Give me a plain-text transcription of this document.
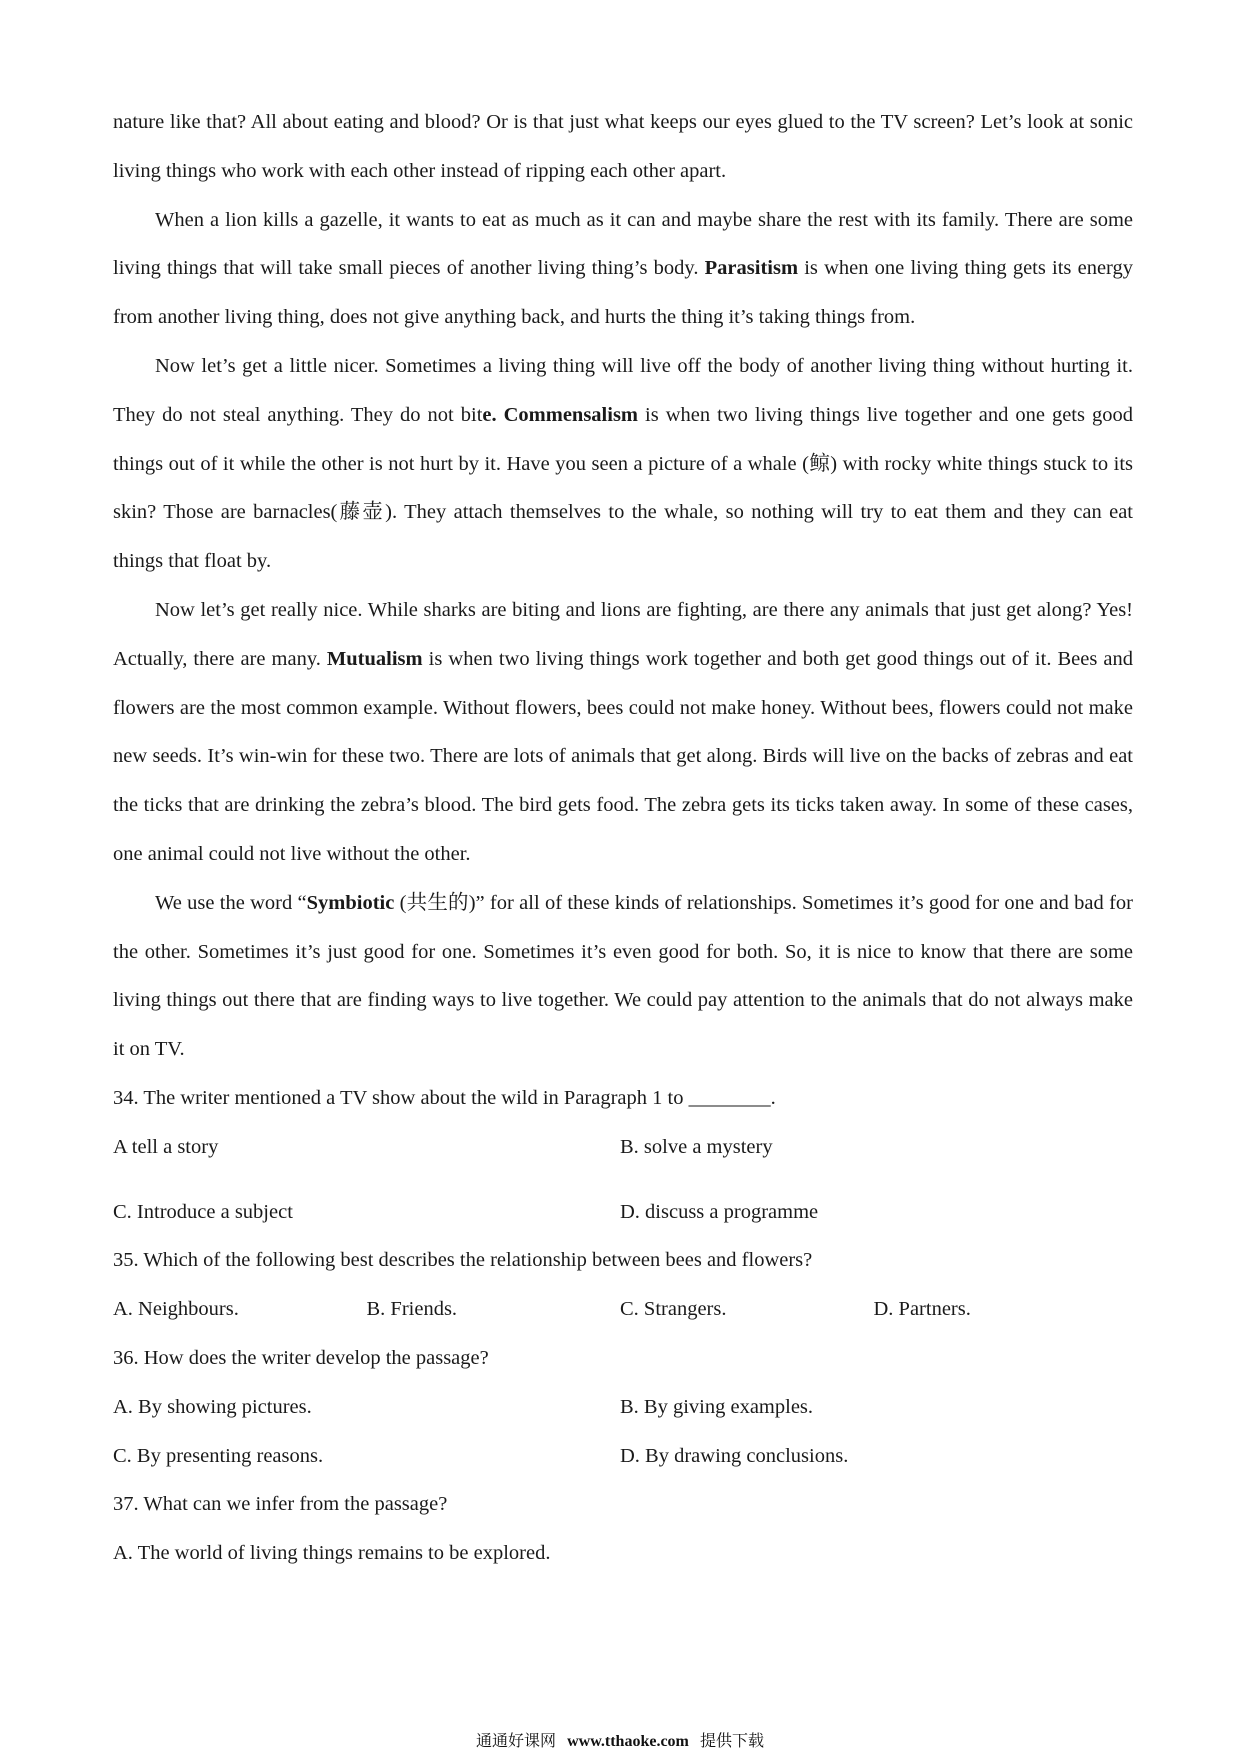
nature like that? All about eating and blood? Or is that just what keeps our eyes glued to the TV screen? Let’s look at sonic living things who work with each other instead of ripping each other apart.

When a lion kills a gazelle, it wants to eat as much as it can and maybe share the rest with its family. There are some living things that will take small pieces of another living thing’s body. Parasitism is when one living thing gets its energy from another living thing, does not give anything back, and hurts the thing it’s taking things from.

Now let’s get a little nicer. Sometimes a living thing will live off the body of another living thing without hurting it. They do not steal anything. They do not bite. Commensalism is when two living things live together and one gets good things out of it while the other is not hurt by it. Have you seen a picture of a whale (鲸) with rocky white things stuck to its skin? Those are barnacles(藤壶). They attach themselves to the whale, so nothing will try to eat them and they can eat things that float by.

Now let’s get really nice. While sharks are biting and lions are fighting, are there any animals that just get along? Yes! Actually, there are many. Mutualism is when two living things work together and both get good things out of it. Bees and flowers are the most common example. Without flowers, bees could not make honey. Without bees, flowers could not make new seeds. It’s win-win for these two. There are lots of animals that get along. Birds will live on the backs of zebras and eat the ticks that are drinking the zebra’s blood. The bird gets food. The zebra gets its ticks taken away. In some of these cases, one animal could not live without the other.

We use the word “Symbiotic (共生的)” for all of these kinds of relationships. Sometimes it’s good for one and bad for the other. Sometimes it’s just good for one. Sometimes it’s even good for both. So, it is nice to know that there are some living things out there that are finding ways to live together. We could pay attention to the animals that do not always make it on TV.

34. The writer mentioned a TV show about the wild in Paragraph 1 to ________.

A tell a story	B. solve a mystery
C. Introduce a subject	D. discuss a programme

35. Which of the following best describes the relationship between bees and flowers?

A. Neighbours.	B. Friends.	C. Strangers.	D. Partners.

36. How does the writer develop the passage?

A. By showing pictures.	B. By giving examples.
C. By presenting reasons.	D. By drawing conclusions.

37. What can we infer from the passage?

A. The world of living things remains to be explored.
通通好课网 www.tthaoke.com 提供下载
